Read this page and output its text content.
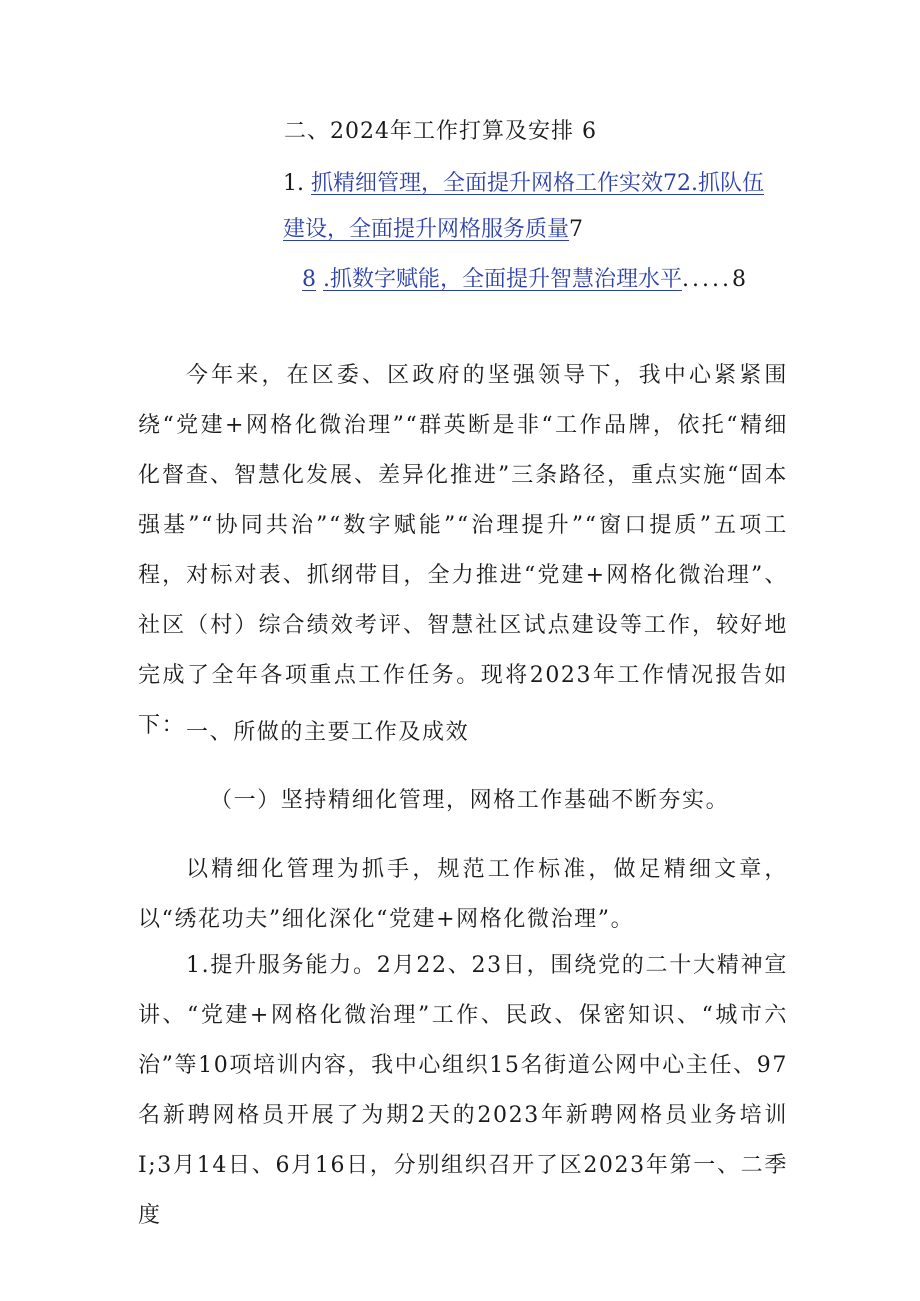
二、2024年工作打算及安排 6
1. 抓精细管理，全面提升网格工作实效72.抓队伍
建设，全面提升网格服务质量7
8 .抓数字赋能，全面提升智慧治理水平.....8

今年来，在区委、区政府的坚强领导下，我中心紧紧围绕“党建+网格化微治理”“群英断是非“工作品牌，依托“精细化督查、智慧化发展、差异化推进”三条路径，重点实施“固本强基”“协同共治”“数字赋能”“治理提升”“窗口提质”五项工程，对标对表、抓纲带目，全力推进“党建+网格化微治理”、社区（村）综合绩效考评、智慧社区试点建设等工作，较好地完成了全年各项重点工作任务。现将2023年工作情况报告如下： 一、所做的主要工作及成效

（一）坚持精细化管理，网格工作基础不断夯实。

以精细化管理为抓手，规范工作标准，做足精细文章，以“绣花功夫”细化深化“党建+网格化微治理”。

1.提升服务能力。2月22、23日，围绕党的二十大精神宣讲、“党建+网格化微治理”工作、民政、保密知识、“城市六治”等10项培训内容，我中心组织15名街道公网中心主任、97名新聘网格员开展了为期2天的2023年新聘网格员业务培训I;3月14日、6月16日，分别组织召开了区2023年第一、二季度
